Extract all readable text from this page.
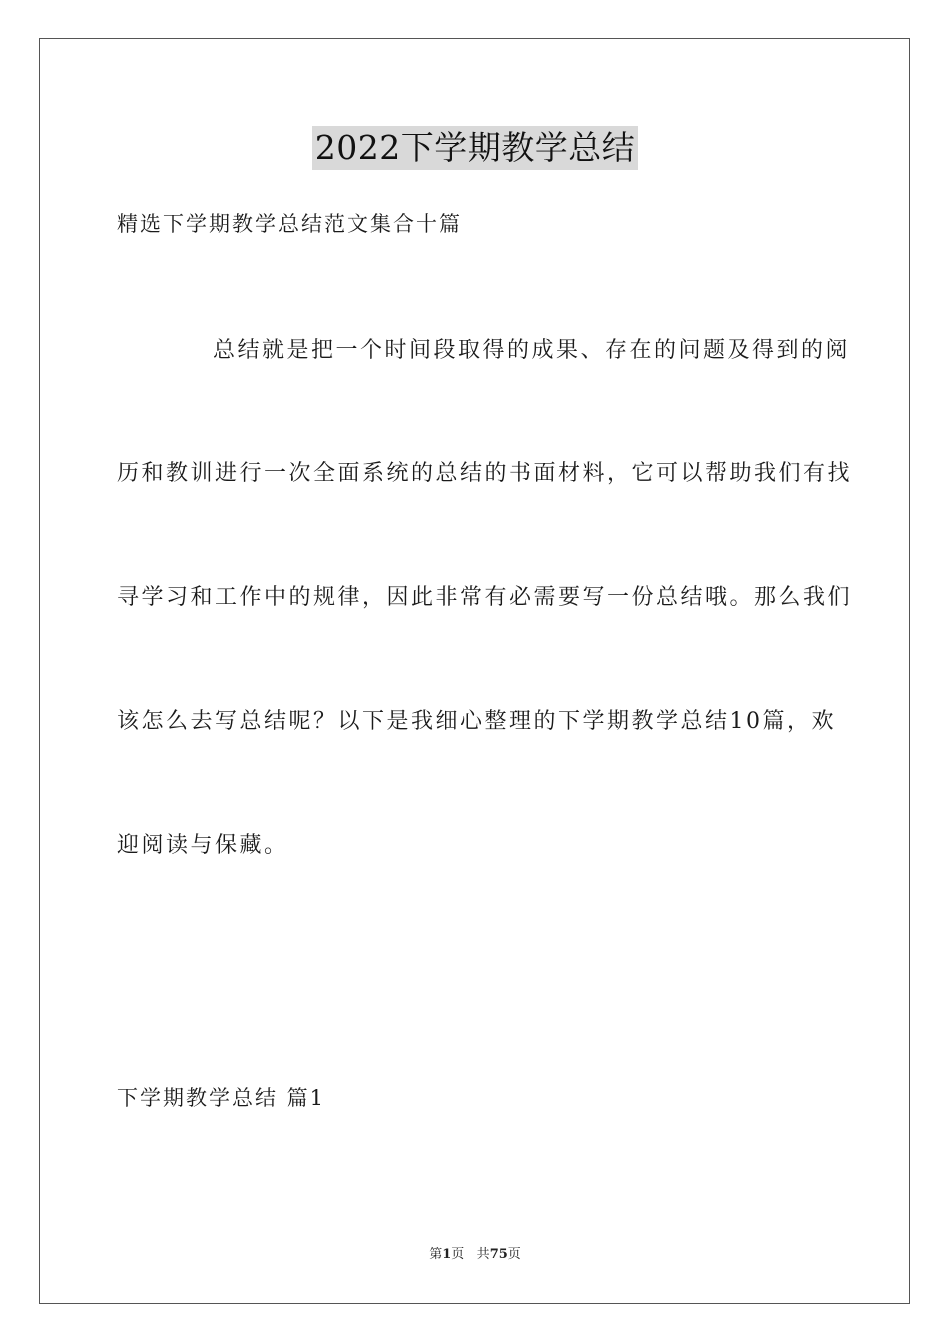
2022下学期教学总结
精选下学期教学总结范文集合十篇
总结就是把一个时间段取得的成果、存在的问题及得到的阅
历和教训进行一次全面系统的总结的书面材料，它可以帮助我们有找
寻学习和工作中的规律，因此非常有必需要写一份总结哦。那么我们
该怎么去写总结呢？以下是我细心整理的下学期教学总结10篇，欢
迎阅读与保藏。
下学期教学总结 篇1
第1页 共75页
